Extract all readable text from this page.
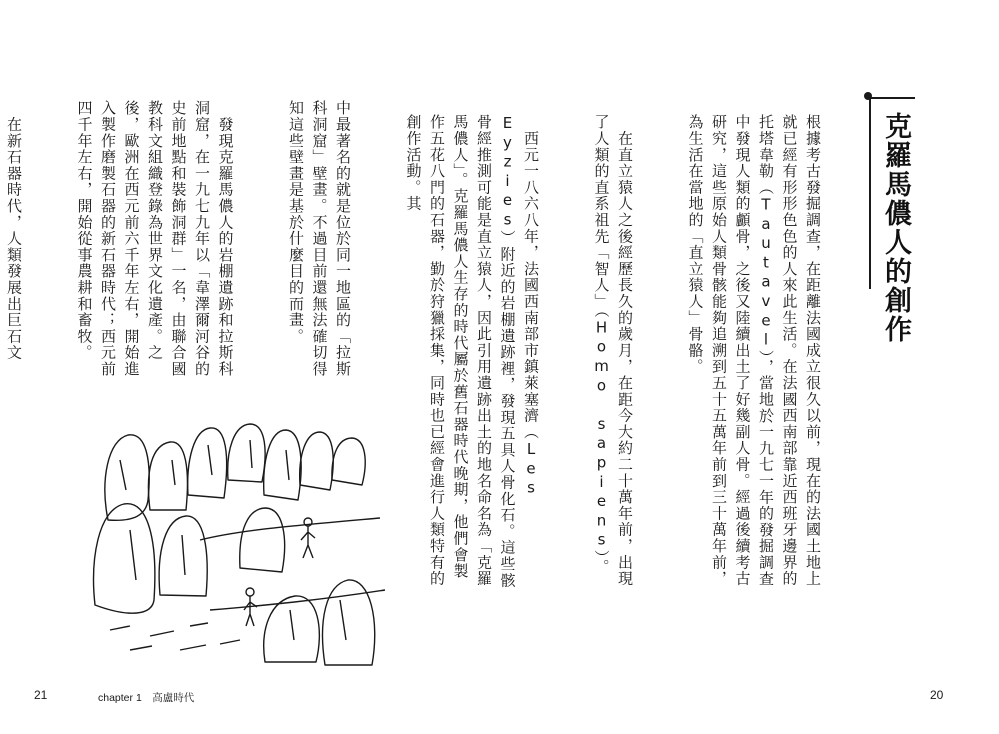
克羅馬儂人的創作

根據考古發掘調查，在距離法國成立很久以前，現在的法國土地上就已經有形形色色的人來此生活。在法國西南部靠近西班牙邊界的托塔韋勒（Tautavel），當地於一九七一年的發掘調查中發現人類的顱骨，之後又陸續出土了好幾副人骨。經過後續考古研究，這些原始人類骨骸能夠追溯到五十五萬年前到三十萬年前，為生活在當地的「直立猿人」骨骼。

　在直立猿人之後經歷長久的歲月，在距今大約二十萬年前，出現了人類的直系祖先「智人」（Homo sapiens）。

　西元一八六八年，法國西南部市鎮萊塞濟（Les Eyzies）附近的岩棚遺跡裡，發現五具人骨化石。這些骸骨經推測可能是直立猿人，因此引用遺跡出土的地名命名為「克羅馬儂人」。克羅馬儂人生存的時代屬於舊石器時代晚期，他們會製作五花八門的石器，勤於狩獵採集，同時也已經會進行人類特有的創作活動。其

20

中最著名的就是位於同一地區的「拉斯科洞窟」壁畫。不過目前還無法確切得知這些壁畫是基於什麼目的而畫。

　發現克羅馬儂人的岩棚遺跡和拉斯科洞窟，在一九七九年以「韋澤爾河谷的史前地點和裝飾洞群」一名，由聯合國教科文組織登錄為世界文化遺產。之後，歐洲在西元前六千年左右，開始進入製作磨製石器的新石器時代；西元前四千年左右，開始從事農耕和畜牧。

　在新石器時代，人類發展出巨石文

21	chapter 1　高盧時代
